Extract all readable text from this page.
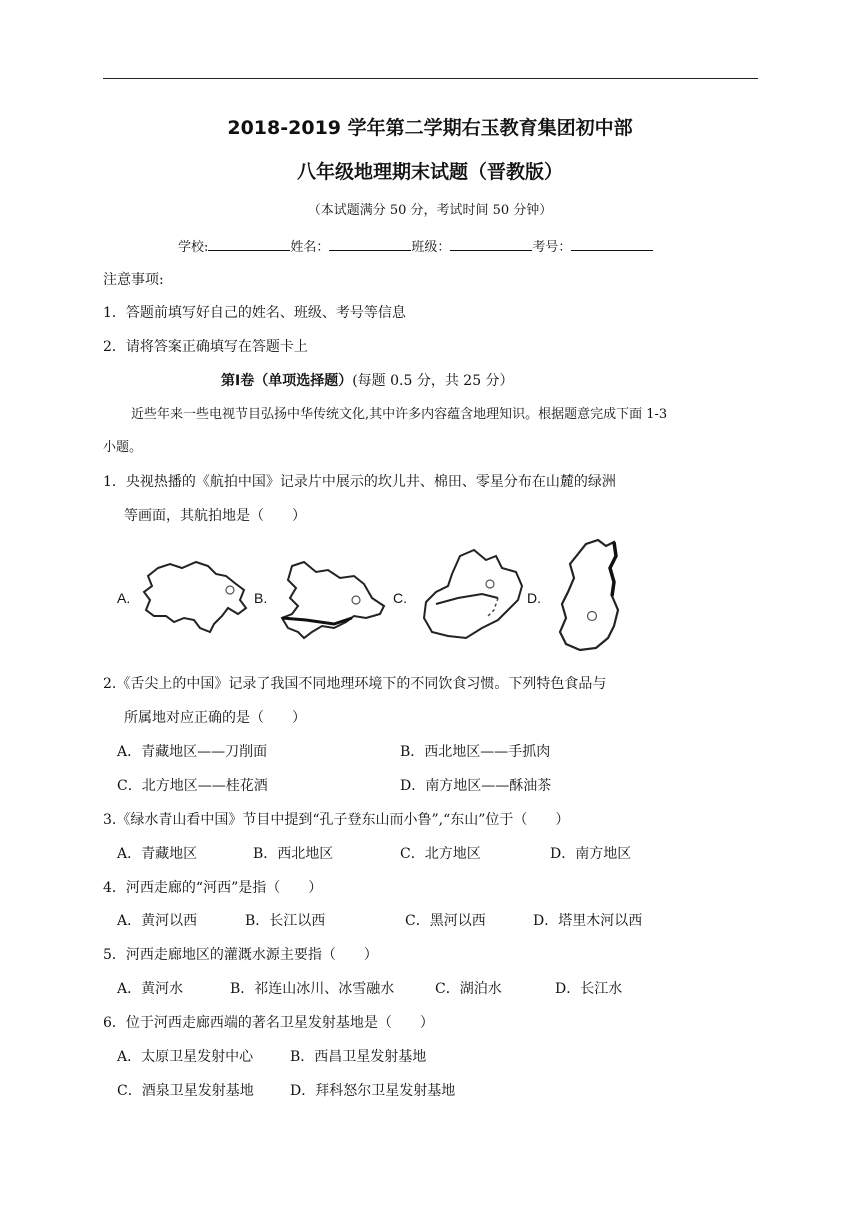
2018-2019 学年第二学期右玉教育集团初中部
八年级地理期末试题（晋教版）
（本试题满分 50 分，考试时间 50 分钟）
学校:	姓名：	班级：	考号：
注意事项:
1．答题前填写好自己的姓名、班级、考号等信息
2．请将答案正确填写在答题卡上
第Ⅰ卷（单项选择题）(每题 0.5 分，共 25 分）
近些年来一些电视节目弘扬中华传统文化,其中许多内容蕴含地理知识。根据题意完成下面 1-3
小题。
1．央视热播的《航拍中国》记录片中展示的坎儿井、棉田、零星分布在山麓的绿洲
等画面，其航拍地是（　　）
A.	B.	C.	D.
2.《舌尖上的中国》记录了我国不同地理环境下的不同饮食习惯。下列特色食品与
所属地对应正确的是（　　）
A．青藏地区——刀削面	B．西北地区——手抓肉
C．北方地区——桂花酒	D．南方地区——酥油茶
3.《绿水青山看中国》节目中提到“孔子登东山而小鲁”,“东山”位于（　　）
A．青藏地区	B．西北地区	C．北方地区	D．南方地区
4．河西走廊的“河西”是指（　　）
A．黄河以西	B．长江以西	C．黑河以西	D．塔里木河以西
5．河西走廊地区的灌溉水源主要指（　　）
A．黄河水	B．祁连山冰川、冰雪融水	C．湖泊水	D．长江水
6．位于河西走廊西端的著名卫星发射基地是（　　）
A．太原卫星发射中心	B．西昌卫星发射基地
C．酒泉卫星发射基地	D．拜科怒尔卫星发射基地
